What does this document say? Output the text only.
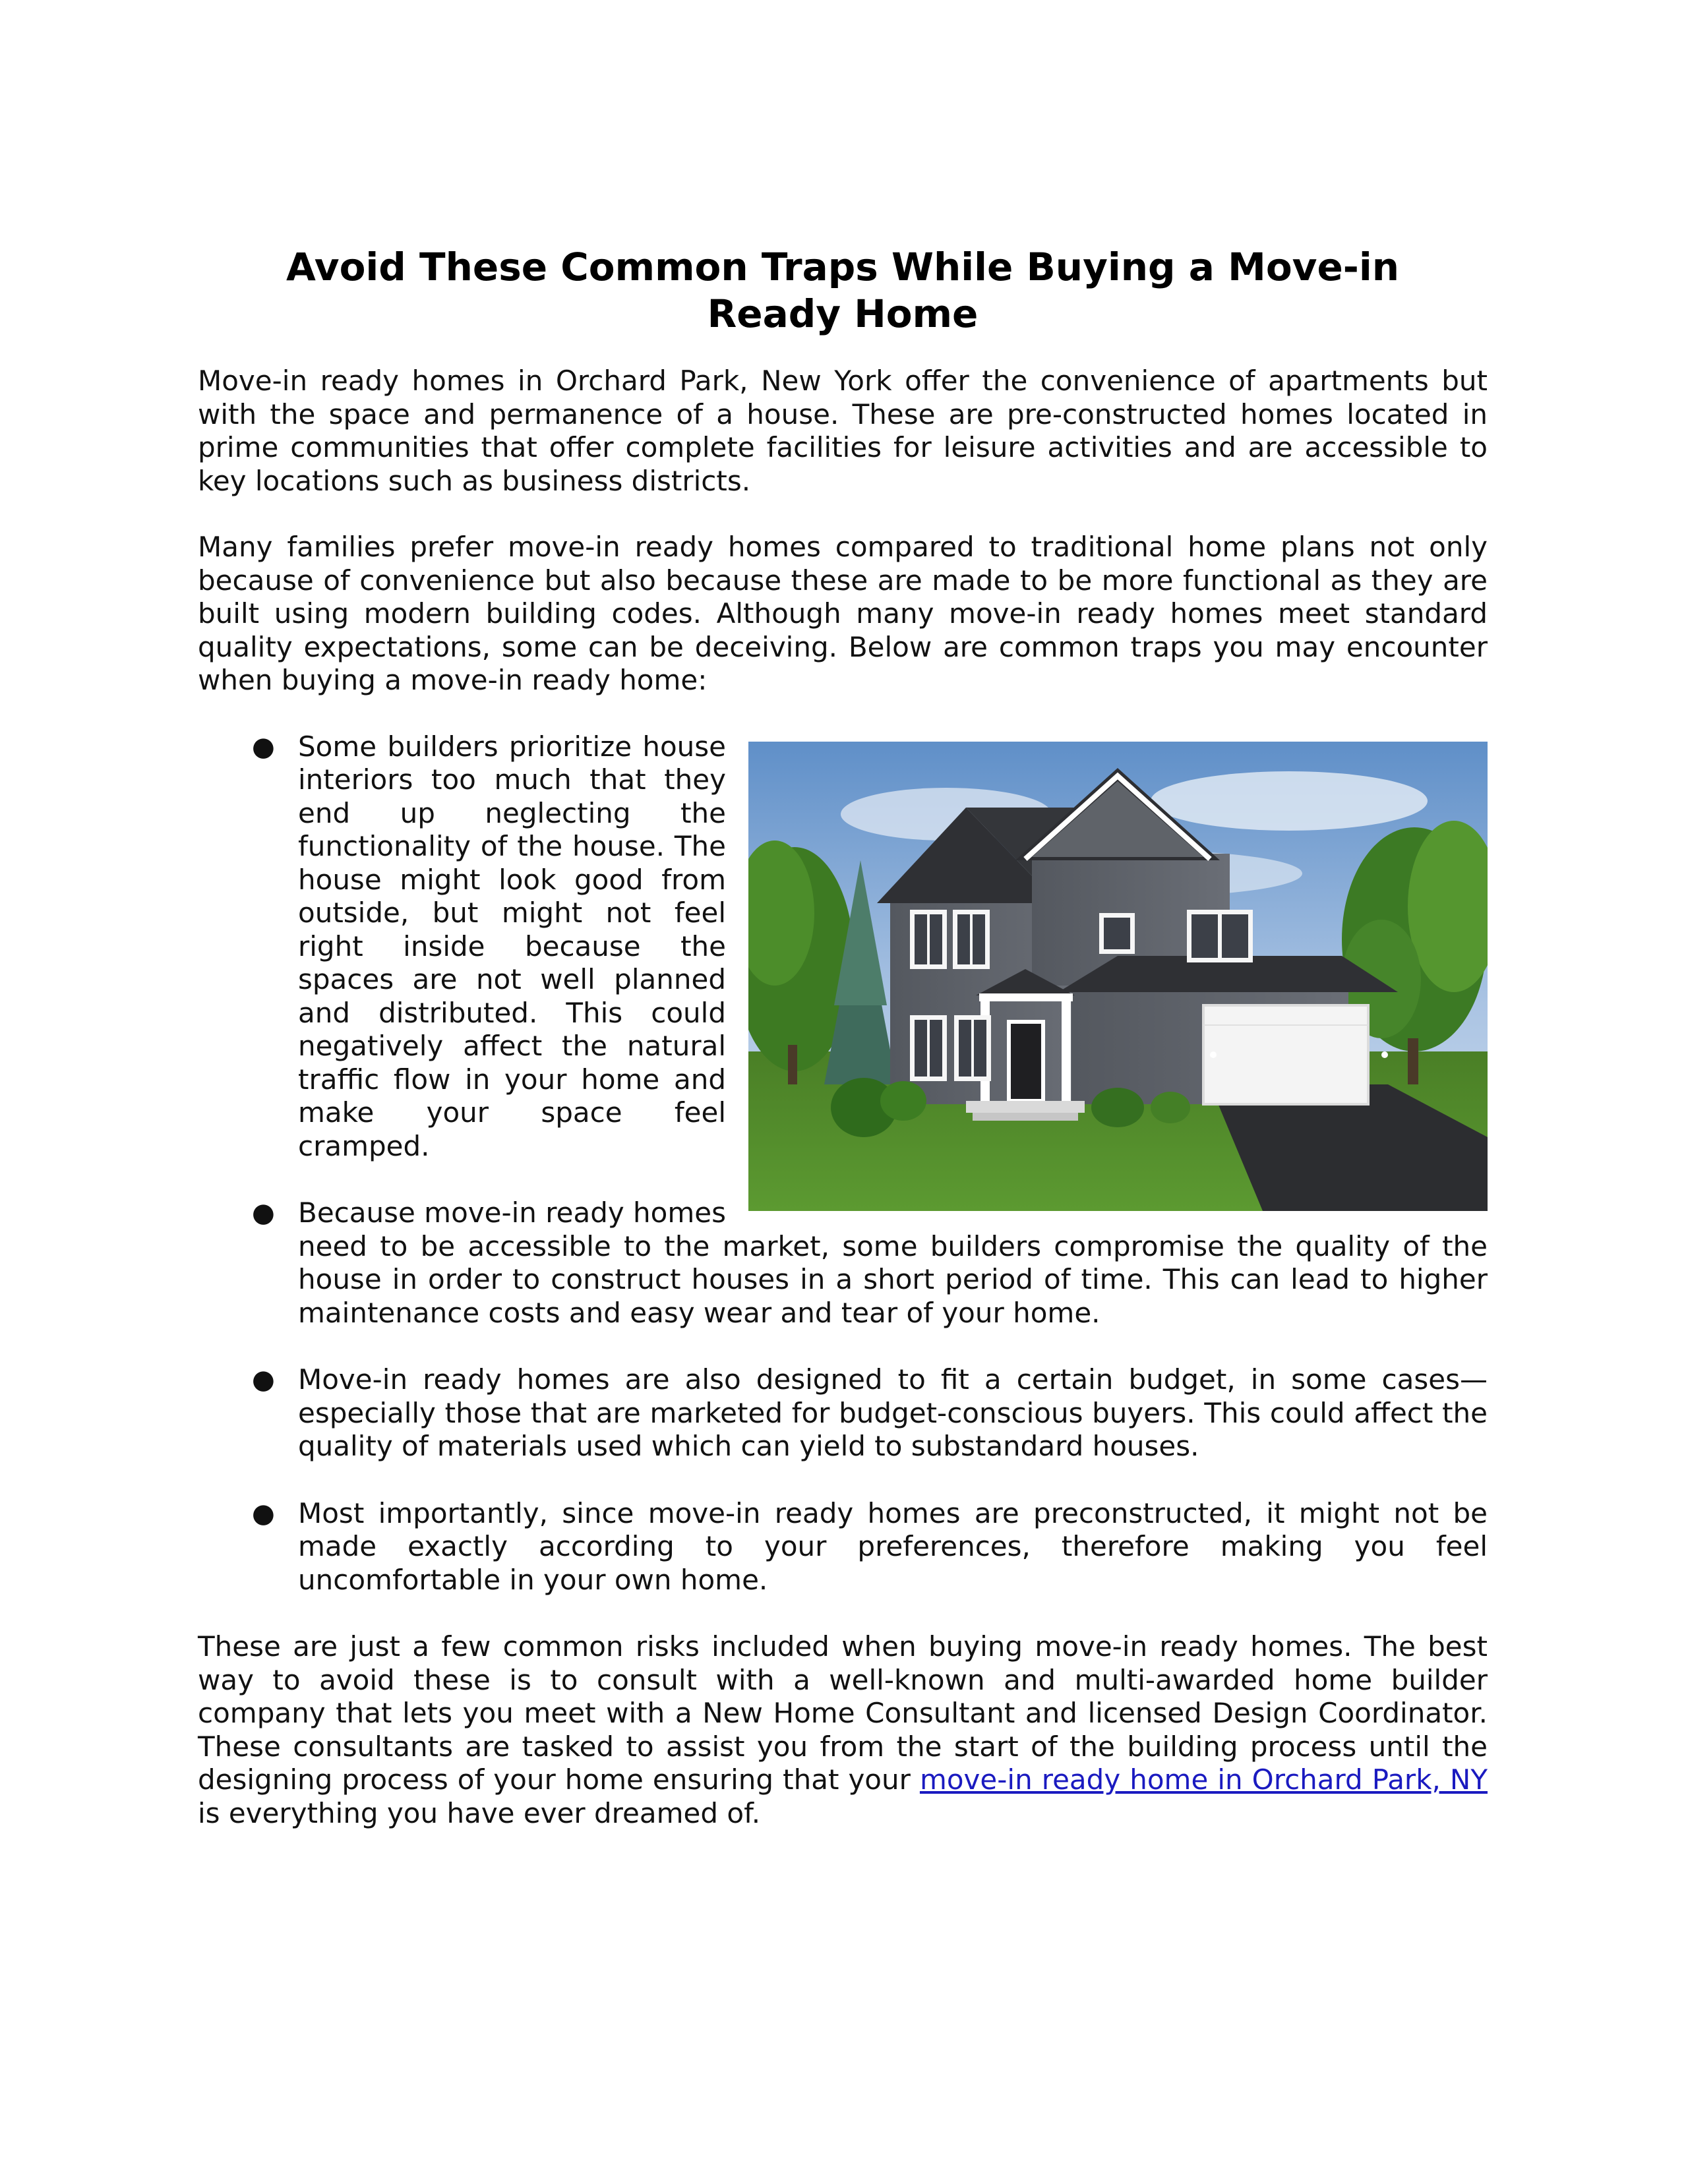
Avoid These Common Traps While Buying a Move-in Ready Home

Move-in ready homes in Orchard Park, New York offer the convenience of apartments but with the space and permanence of a house. These are pre-constructed homes located in prime communities that offer complete facilities for leisure activities and are accessible to key locations such as business districts.

Many families prefer move-in ready homes compared to traditional home plans not only because of convenience but also because these are made to be more functional as they are built using modern building codes. Although many move-in ready homes meet standard quality expectations, some can be deceiving. Below are common traps you may encounter when buying a move-in ready home:

● Some builders prioritize house interiors too much that they end up neglecting the functionality of the house. The house might look good from outside, but might not feel right inside because the spaces are not well planned and distributed. This could negatively affect the natural traffic flow in your home and make your space feel cramped.
● Because move-in ready homes need to be accessible to the market, some builders compromise the quality of the house in order to construct houses in a short period of time. This can lead to higher maintenance costs and easy wear and tear of your home.
● Move-in ready homes are also designed to fit a certain budget, in some cases—especially those that are marketed for budget-conscious buyers. This could affect the quality of materials used which can yield to substandard houses.
● Most importantly, since move-in ready homes are preconstructed, it might not be made exactly according to your preferences, therefore making you feel uncomfortable in your own home.

These are just a few common risks included when buying move-in ready homes. The best way to avoid these is to consult with a well-known and multi-awarded home builder company that lets you meet with a New Home Consultant and licensed Design Coordinator. These consultants are tasked to assist you from the start of the building process until the designing process of your home ensuring that your move-in ready home in Orchard Park, NY is everything you have ever dreamed of.
